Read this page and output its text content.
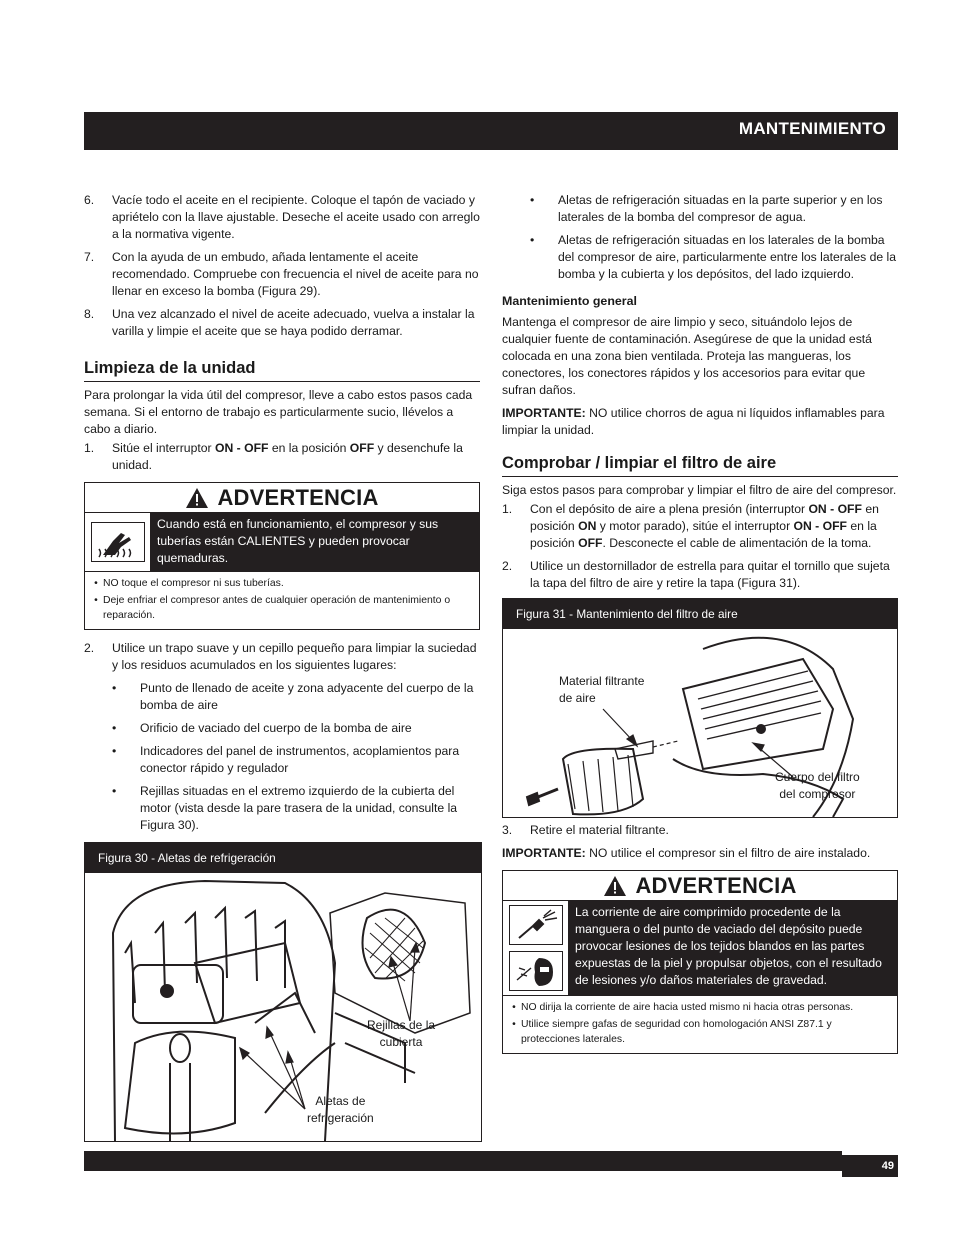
MANTENIMIENTO
6.	Vacíe todo el aceite en el recipiente. Coloque el tapón de vaciado y apriételo con la llave ajustable. Deseche el aceite usado con arreglo a la normativa vigente.
7.	Con la ayuda de un embudo, añada lentamente el aceite recomendado. Compruebe con frecuencia el nivel de aceite para no llenar en exceso la bomba (Figura 29).
8.	Una vez alcanzado el nivel de aceite adecuado, vuelva a instalar la varilla y limpie el aceite que se haya podido derramar.
Limpieza de la unidad

Para prolongar la vida útil del compresor, lleve a cabo estos pasos cada semana. Si el entorno de trabajo es particularmente sucio, llévelos a cabo a diario.

1.	Sitúe el interruptor ON - OFF en la posición OFF y desenchufe la unidad.
ADVERTENCIA
Cuando está en funcionamiento, el compresor y sus tuberías están CALIENTES y pueden provocar quemaduras.
• NO toque el compresor ni sus tuberías.
• Deje enfriar el compresor antes de cualquier operación de mantenimiento o reparación.
2.	Utilice un trapo suave y un cepillo pequeño para limpiar la suciedad y los residuos acumulados en los siguientes lugares:
•	Punto de llenado de aceite y zona adyacente del cuerpo de la bomba de aire
•	Orificio de vaciado del cuerpo de la bomba de aire
•	Indicadores del panel de instrumentos, acoplamientos para conector rápido y regulador
•	Rejillas situadas en el extremo izquierdo de la cubierta del motor (vista desde la pare trasera de la unidad, consulte la Figura 30).
Figura 30 - Aletas de refrigeración
Rejillas de la
cubierta
Aletas de
refrigeración
•	Aletas de refrigeración situadas en la parte superior y en los laterales de la bomba del compresor de agua.
•	Aletas de refrigeración situadas en los laterales de la bomba del compresor de aire, particularmente entre los laterales de la bomba y la cubierta y los depósitos, del lado izquierdo.
Mantenimiento general

Mantenga el compresor de aire limpio y seco, situándolo lejos de cualquier fuente de contaminación. Asegúrese de que la unidad está colocada en una zona bien ventilada. Proteja las mangueras, los conectores, los conectores rápidos y los accesorios para evitar que sufran daños.

IMPORTANTE: NO utilice chorros de agua ni líquidos inflamables para limpiar la unidad.

Comprobar / limpiar el filtro de aire

Siga estos pasos para comprobar y limpiar el filtro de aire del compresor.

1.	Con el depósito de aire a plena presión (interruptor ON - OFF en posición ON y motor parado), sitúe el interruptor ON - OFF en la posición OFF. Desconecte el cable de alimentación de la toma.
2.	Utilice un destornillador de estrella para quitar el tornillo que sujeta la tapa del filtro de aire y retire la tapa (Figura 31).
Figura 31 - Mantenimiento del filtro de aire
Material filtrante
de aire
Cuerpo del filtro
del compresor
3.	Retire el material filtrante.

IMPORTANTE: NO utilice el compresor sin el filtro de aire instalado.

ADVERTENCIA
La corriente de aire comprimido procedente de la manguera o del punto de vaciado del depósito puede provocar lesiones de los tejidos blandos en las partes expuestas de la piel y propulsar objetos, con el resultado de lesiones y/o daños materiales de gravedad.
• NO dirija la corriente de aire hacia usted mismo ni hacia otras personas.
• Utilice siempre gafas de seguridad con homologación ANSI Z87.1 y protecciones laterales.
49
